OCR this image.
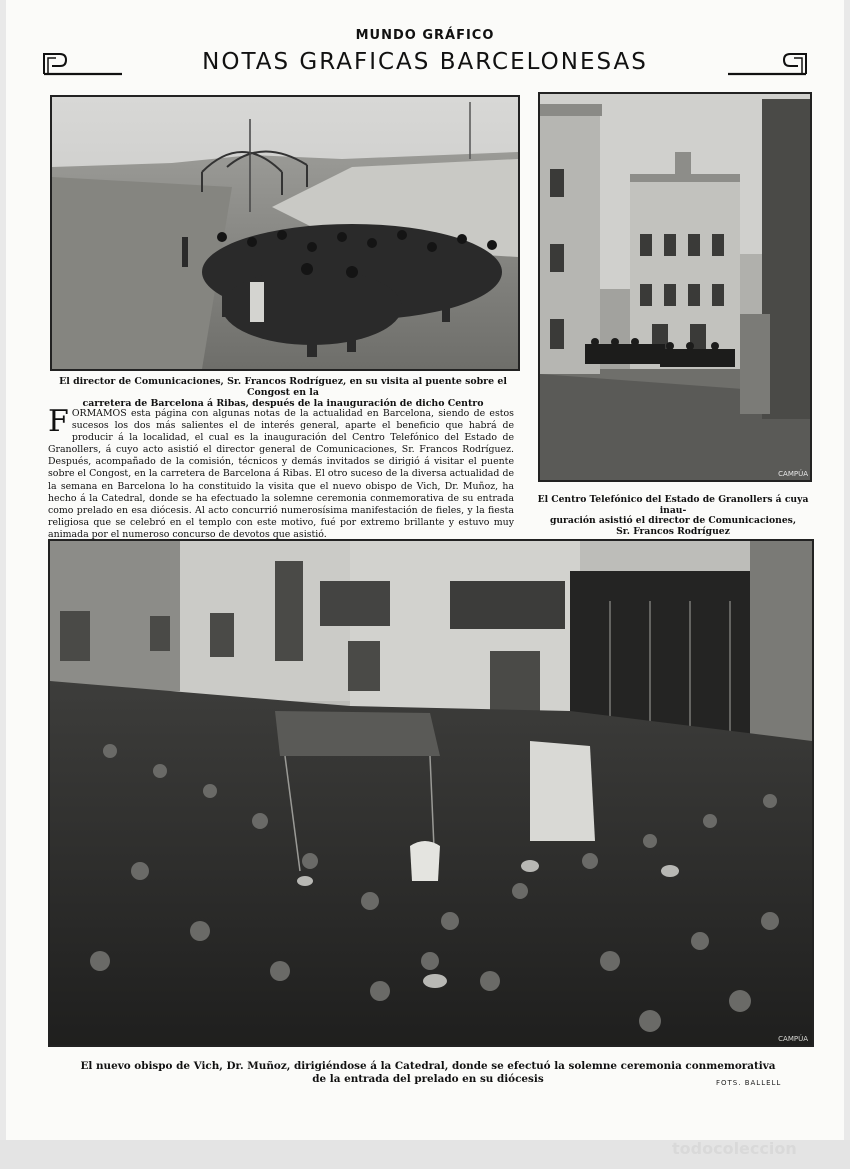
MUNDO GRÁFICO
NOTAS GRAFICAS BARCELONESAS
El director de Comunicaciones, Sr. Francos Rodríguez, en su visita al puente sobre el Congost en la
carretera de Barcelona á Ribas, después de la inauguración de dicho Centro
CAMPÚA
El Centro Telefónico del Estado de Granollers á cuya inau-
guración asistió el director de Comunicaciones,
Sr. Francos Rodríguez
FORMAMOS esta página con algunas notas de la actualidad en Barcelona, siendo de estos sucesos los dos más salientes el de interés general, aparte el beneficio que habrá de producir á la localidad, el cual es la inauguración del Centro Telefónico del Estado de Granollers, á cuyo acto asistió el director general de Comunicaciones, Sr. Francos Rodríguez. Después, acompañado de la comisión, técnicos y demás invitados se dirigió á visitar el puente sobre el Congost, en la carretera de Barcelona á Ribas. El otro suceso de la diversa actualidad de la semana en Barcelona lo ha constituido la visita que el nuevo obispo de Vich, Dr. Muñoz, ha hecho á la Catedral, donde se ha efectuado la solemne ceremonia conmemorativa de su entrada como prelado en esa diócesis. Al acto concurrió numerosísima manifestación de fieles, y la fiesta religiosa que se celebró en el templo con este motivo, fué por extremo brillante y estuvo muy animada por el numeroso concurso de devotos que asistió.
CAMPÚA
El nuevo obispo de Vich, Dr. Muñoz, dirigiéndose á la Catedral, donde se efectuó la solemne ceremonia conmemorativa
de la entrada del prelado en su diócesis	FOTS. BALLELL
todocoleccion
